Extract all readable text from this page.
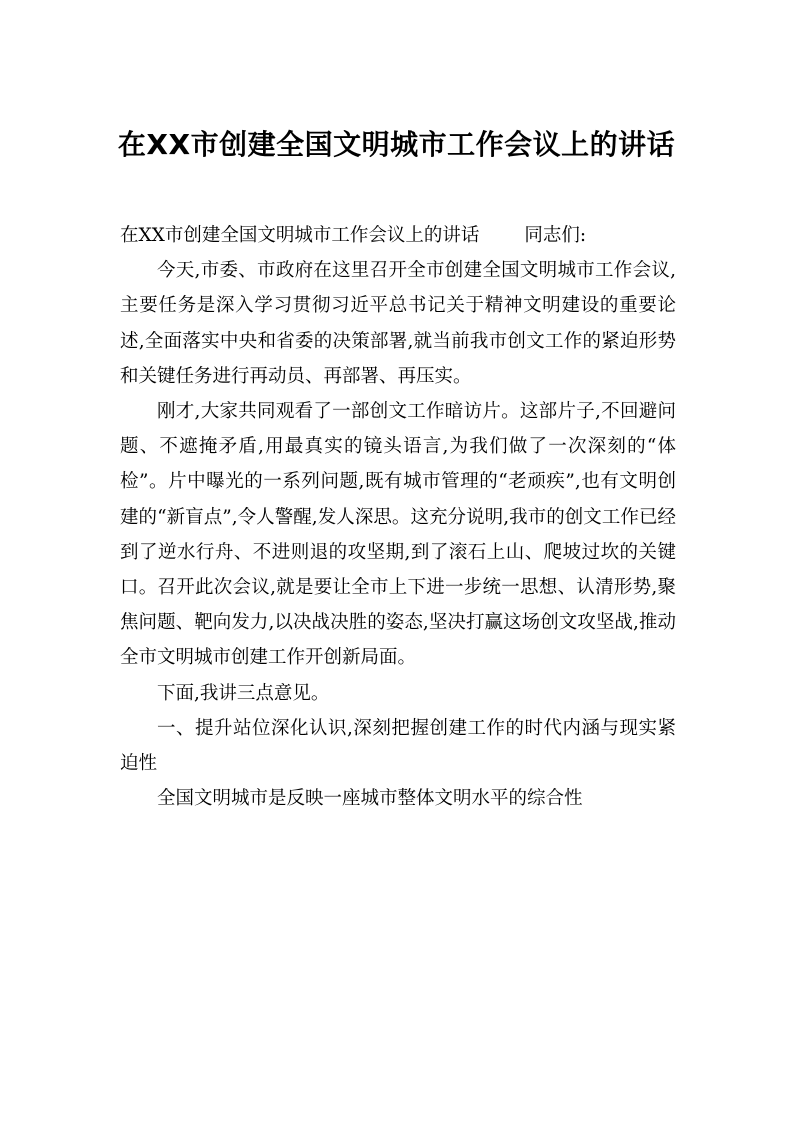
在XX市创建全国文明城市工作会议上的讲话

在XX市创建全国文明城市工作会议上的讲话 同志们:

今天,市委、市政府在这里召开全市创建全国文明城市工作会议,主要任务是深入学习贯彻习近平总书记关于精神文明建设的重要论述,全面落实中央和省委的决策部署,就当前我市创文工作的紧迫形势和关键任务进行再动员、再部署、再压实。

刚才,大家共同观看了一部创文工作暗访片。这部片子,不回避问题、不遮掩矛盾,用最真实的镜头语言,为我们做了一次深刻的“体检”。片中曝光的一系列问题,既有城市管理的“老顽疾”,也有文明创建的“新盲点”,令人警醒,发人深思。这充分说明,我市的创文工作已经到了逆水行舟、不进则退的攻坚期,到了滚石上山、爬坡过坎的关键口。召开此次会议,就是要让全市上下进一步统一思想、认清形势,聚焦问题、靶向发力,以决战决胜的姿态,坚决打赢这场创文攻坚战,推动全市文明城市创建工作开创新局面。

下面,我讲三点意见。

一、提升站位深化认识,深刻把握创建工作的时代内涵与现实紧迫性

全国文明城市是反映一座城市整体文明水平的综合性
